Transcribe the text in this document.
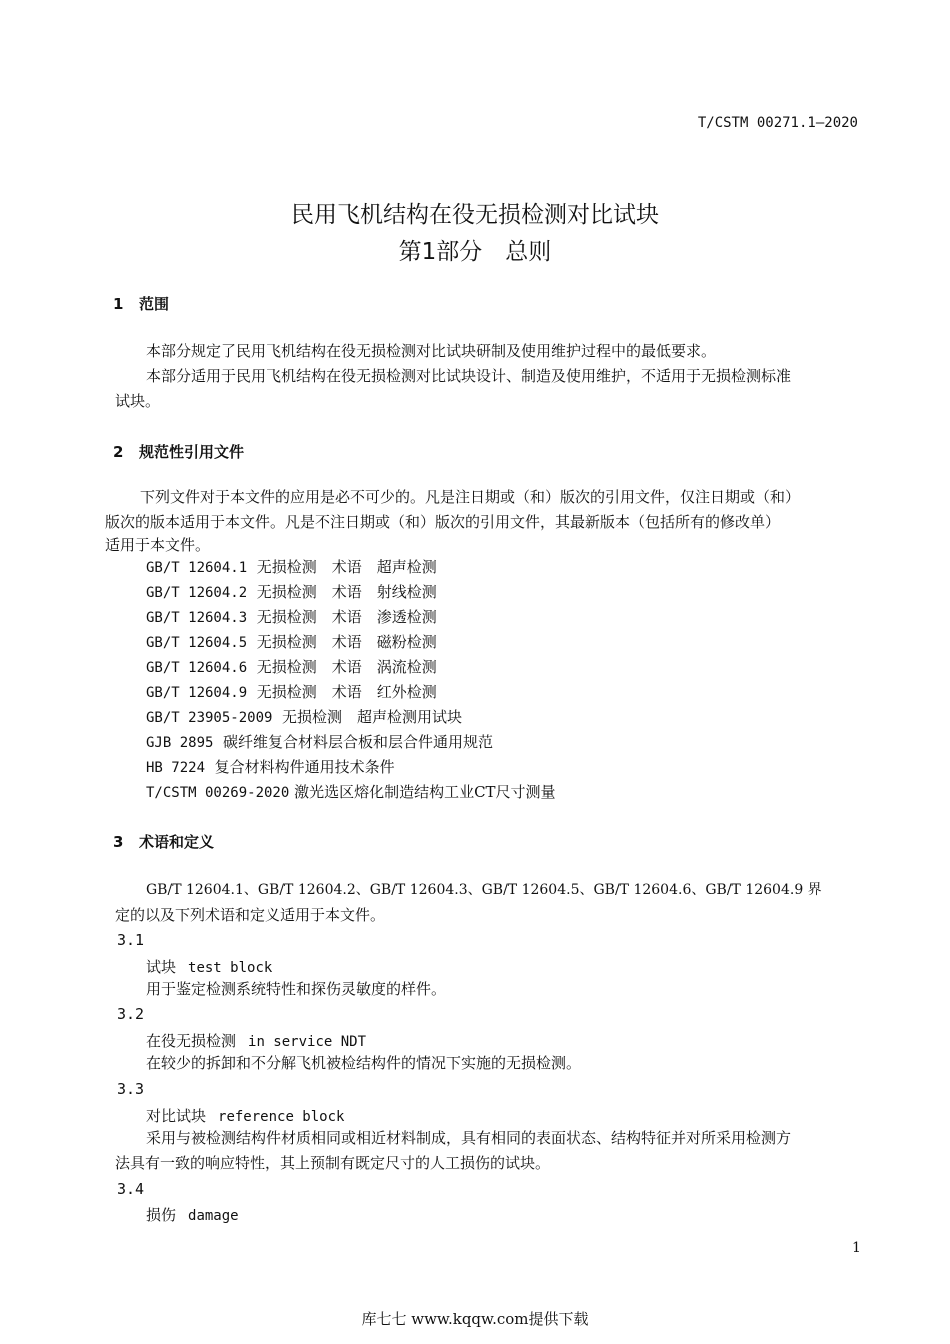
T/CSTM 00271.1—2020
民用飞机结构在役无损检测对比试块
第1部分　总则
1 范围
本部分规定了民用飞机结构在役无损检测对比试块研制及使用维护过程中的最低要求。
本部分适用于民用飞机结构在役无损检测对比试块设计、制造及使用维护，不适用于无损检测标准
试块。
2 规范性引用文件
下列文件对于本文件的应用是必不可少的。凡是注日期或（和）版次的引用文件，仅注日期或（和）
版次的版本适用于本文件。凡是不注日期或（和）版次的引用文件，其最新版本（包括所有的修改单）
适用于本文件。
GB/T 12604.1 无损检测　术语　超声检测
GB/T 12604.2 无损检测　术语　射线检测
GB/T 12604.3 无损检测　术语　渗透检测
GB/T 12604.5 无损检测　术语　磁粉检测
GB/T 12604.6 无损检测　术语　涡流检测
GB/T 12604.9 无损检测　术语　红外检测
GB/T 23905-2009 无损检测　超声检测用试块
GJB 2895 碳纤维复合材料层合板和层合件通用规范
HB 7224 复合材料构件通用技术条件
T/CSTM 00269-2020 激光选区熔化制造结构工业CT尺寸测量
3 术语和定义
GB/T 12604.1、GB/T 12604.2、GB/T 12604.3、GB/T 12604.5、GB/T 12604.6、GB/T 12604.9 界
定的以及下列术语和定义适用于本文件。
3.1
试块 test block
用于鉴定检测系统特性和探伤灵敏度的样件。
3.2
在役无损检测 in service NDT
在较少的拆卸和不分解飞机被检结构件的情况下实施的无损检测。
3.3
对比试块 reference block
采用与被检测结构件材质相同或相近材料制成，具有相同的表面状态、结构特征并对所采用检测方
法具有一致的响应特性，其上预制有既定尺寸的人工损伤的试块。
3.4
损伤 damage
1
库七七 www.kqqw.com提供下载
